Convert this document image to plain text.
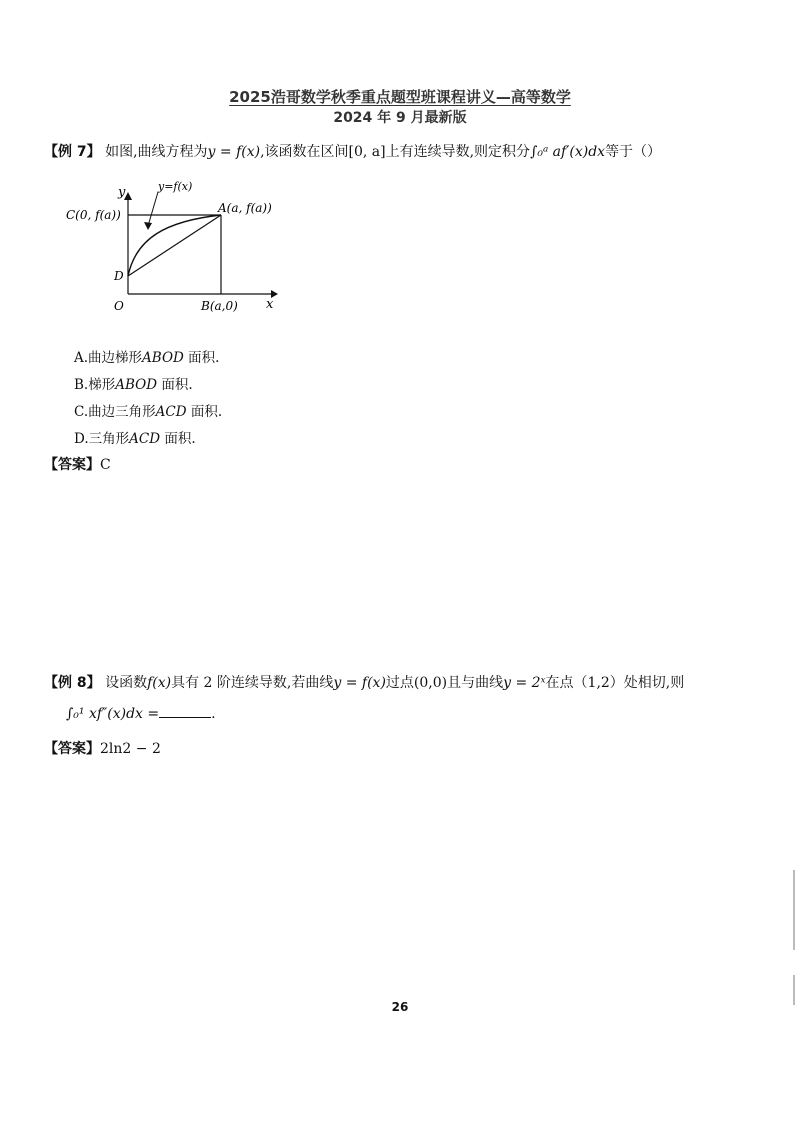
2025浩哥数学秋季重点题型班课程讲义—高等数学
2024 年 9 月最新版
【例 7】 如图,曲线方程为y = f(x),该函数在区间[0, a]上有连续导数,则定积分∫₀ᵃ af′(x)dx等于（）
y
x
y=f(x)
C(0, f(a))	A(a, f(a))
D
O	B(a,0)
A.曲边梯形ABOD 面积.
B.梯形ABOD 面积.
C.曲边三角形ACD 面积.
D.三角形ACD 面积.
【答案】C
【例 8】 设函数f(x)具有 2 阶连续导数,若曲线y = f(x)过点(0,0)且与曲线y = 2ˣ在点（1,2）处相切,则
∫₀¹ xf″(x)dx =	.
【答案】2ln2 − 2
26
